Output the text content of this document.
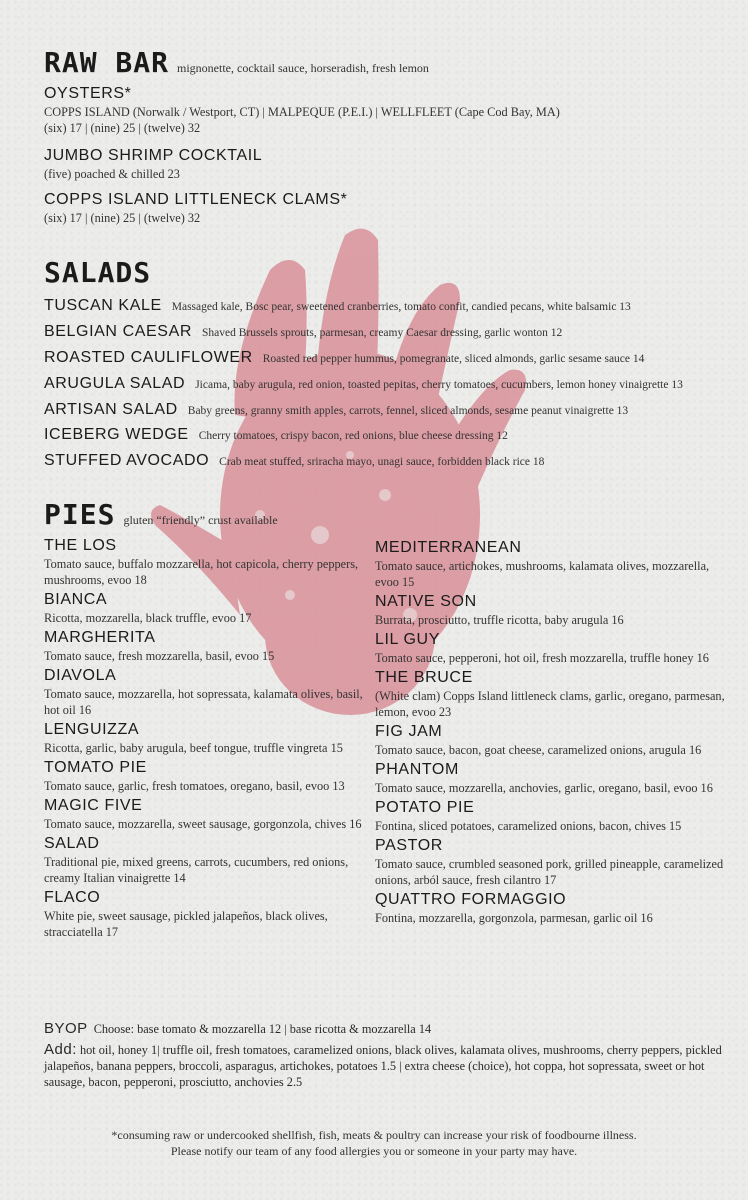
RAW BAR mignonette, cocktail sauce, horseradish, fresh lemon
OYSTERS*
COPPS ISLAND (Norwalk / Westport, CT) | MALPEQUE (P.E.I.) | WELLFLEET (Cape Cod Bay, MA)
(six) 17 | (nine) 25 | (twelve) 32
JUMBO SHRIMP COCKTAIL
(five) poached & chilled 23
COPPS ISLAND LITTLENECK CLAMS*
(six) 17 | (nine) 25 | (twelve) 32
SALADS
TUSCAN KALE Massaged kale, Bosc pear, sweetened cranberries, tomato confit, candied pecans, white balsamic 13
BELGIAN CAESAR Shaved Brussels sprouts, parmesan, creamy Caesar dressing, garlic wonton 12
ROASTED CAULIFLOWER Roasted red pepper hummus, pomegranate, sliced almonds, garlic sesame sauce 14
ARUGULA SALAD Jicama, baby arugula, red onion, toasted pepitas, cherry tomatoes, cucumbers, lemon honey vinaigrette 13
ARTISAN SALAD Baby greens, granny smith apples, carrots, fennel, sliced almonds, sesame peanut vinaigrette 13
ICEBERG WEDGE Cherry tomatoes, crispy bacon, red onions, blue cheese dressing 12
STUFFED AVOCADO Crab meat stuffed, sriracha mayo, unagi sauce, forbidden black rice 18
PIES gluten “friendly” crust available
THE LOS
Tomato sauce, buffalo mozzarella, hot capicola, cherry peppers, mushrooms, evoo 18
BIANCA
Ricotta, mozzarella, black truffle, evoo 17
MARGHERITA
Tomato sauce, fresh mozzarella, basil, evoo 15
DIAVOLA
Tomato sauce, mozzarella, hot sopressata, kalamata olives, basil, hot oil 16
LENGUIZZA
Ricotta, garlic, baby arugula, beef tongue, truffle vingreta 15
TOMATO PIE
Tomato sauce, garlic, fresh tomatoes, oregano, basil, evoo 13
MAGIC FIVE
Tomato sauce, mozzarella, sweet sausage, gorgonzola, chives 16
SALAD
Traditional pie, mixed greens, carrots, cucumbers, red onions, creamy Italian vinaigrette 14
FLACO
White pie, sweet sausage, pickled jalapeños, black olives, stracciatella 17
MEDITERRANEAN
Tomato sauce, artichokes, mushrooms, kalamata olives, mozzarella, evoo 15
NATIVE SON
Burrata, prosciutto, truffle ricotta, baby arugula 16
LIL GUY
Tomato sauce, pepperoni, hot oil, fresh mozzarella, truffle honey 16
THE BRUCE
(White clam) Copps Island littleneck clams, garlic, oregano, parmesan, lemon, evoo 23
FIG JAM
Tomato sauce, bacon, goat cheese, caramelized onions, arugula 16
PHANTOM
Tomato sauce, mozzarella, anchovies, garlic, oregano, basil, evoo 16
POTATO PIE
Fontina, sliced potatoes, caramelized onions, bacon, chives 15
PASTOR
Tomato sauce, crumbled seasoned pork, grilled pineapple, caramelized onions, arból sauce, fresh cilantro 17
QUATTRO FORMAGGIO
Fontina, mozzarella, gorgonzola, parmesan, garlic oil 16
BYOP Choose: base tomato & mozzarella 12 | base ricotta & mozzarella 14
Add: hot oil, honey 1| truffle oil, fresh tomatoes, caramelized onions, black olives, kalamata olives, mushrooms, cherry peppers, pickled jalapeños, banana peppers, broccoli, asparagus, artichokes, potatoes 1.5 | extra cheese (choice), hot coppa, hot sopressata, sweet or hot sausage, bacon, pepperoni, prosciutto, anchovies 2.5
*consuming raw or undercooked shellfish, fish, meats & poultry can increase your risk of foodbourne illness.
Please notify our team of any food allergies you or someone in your party may have.
